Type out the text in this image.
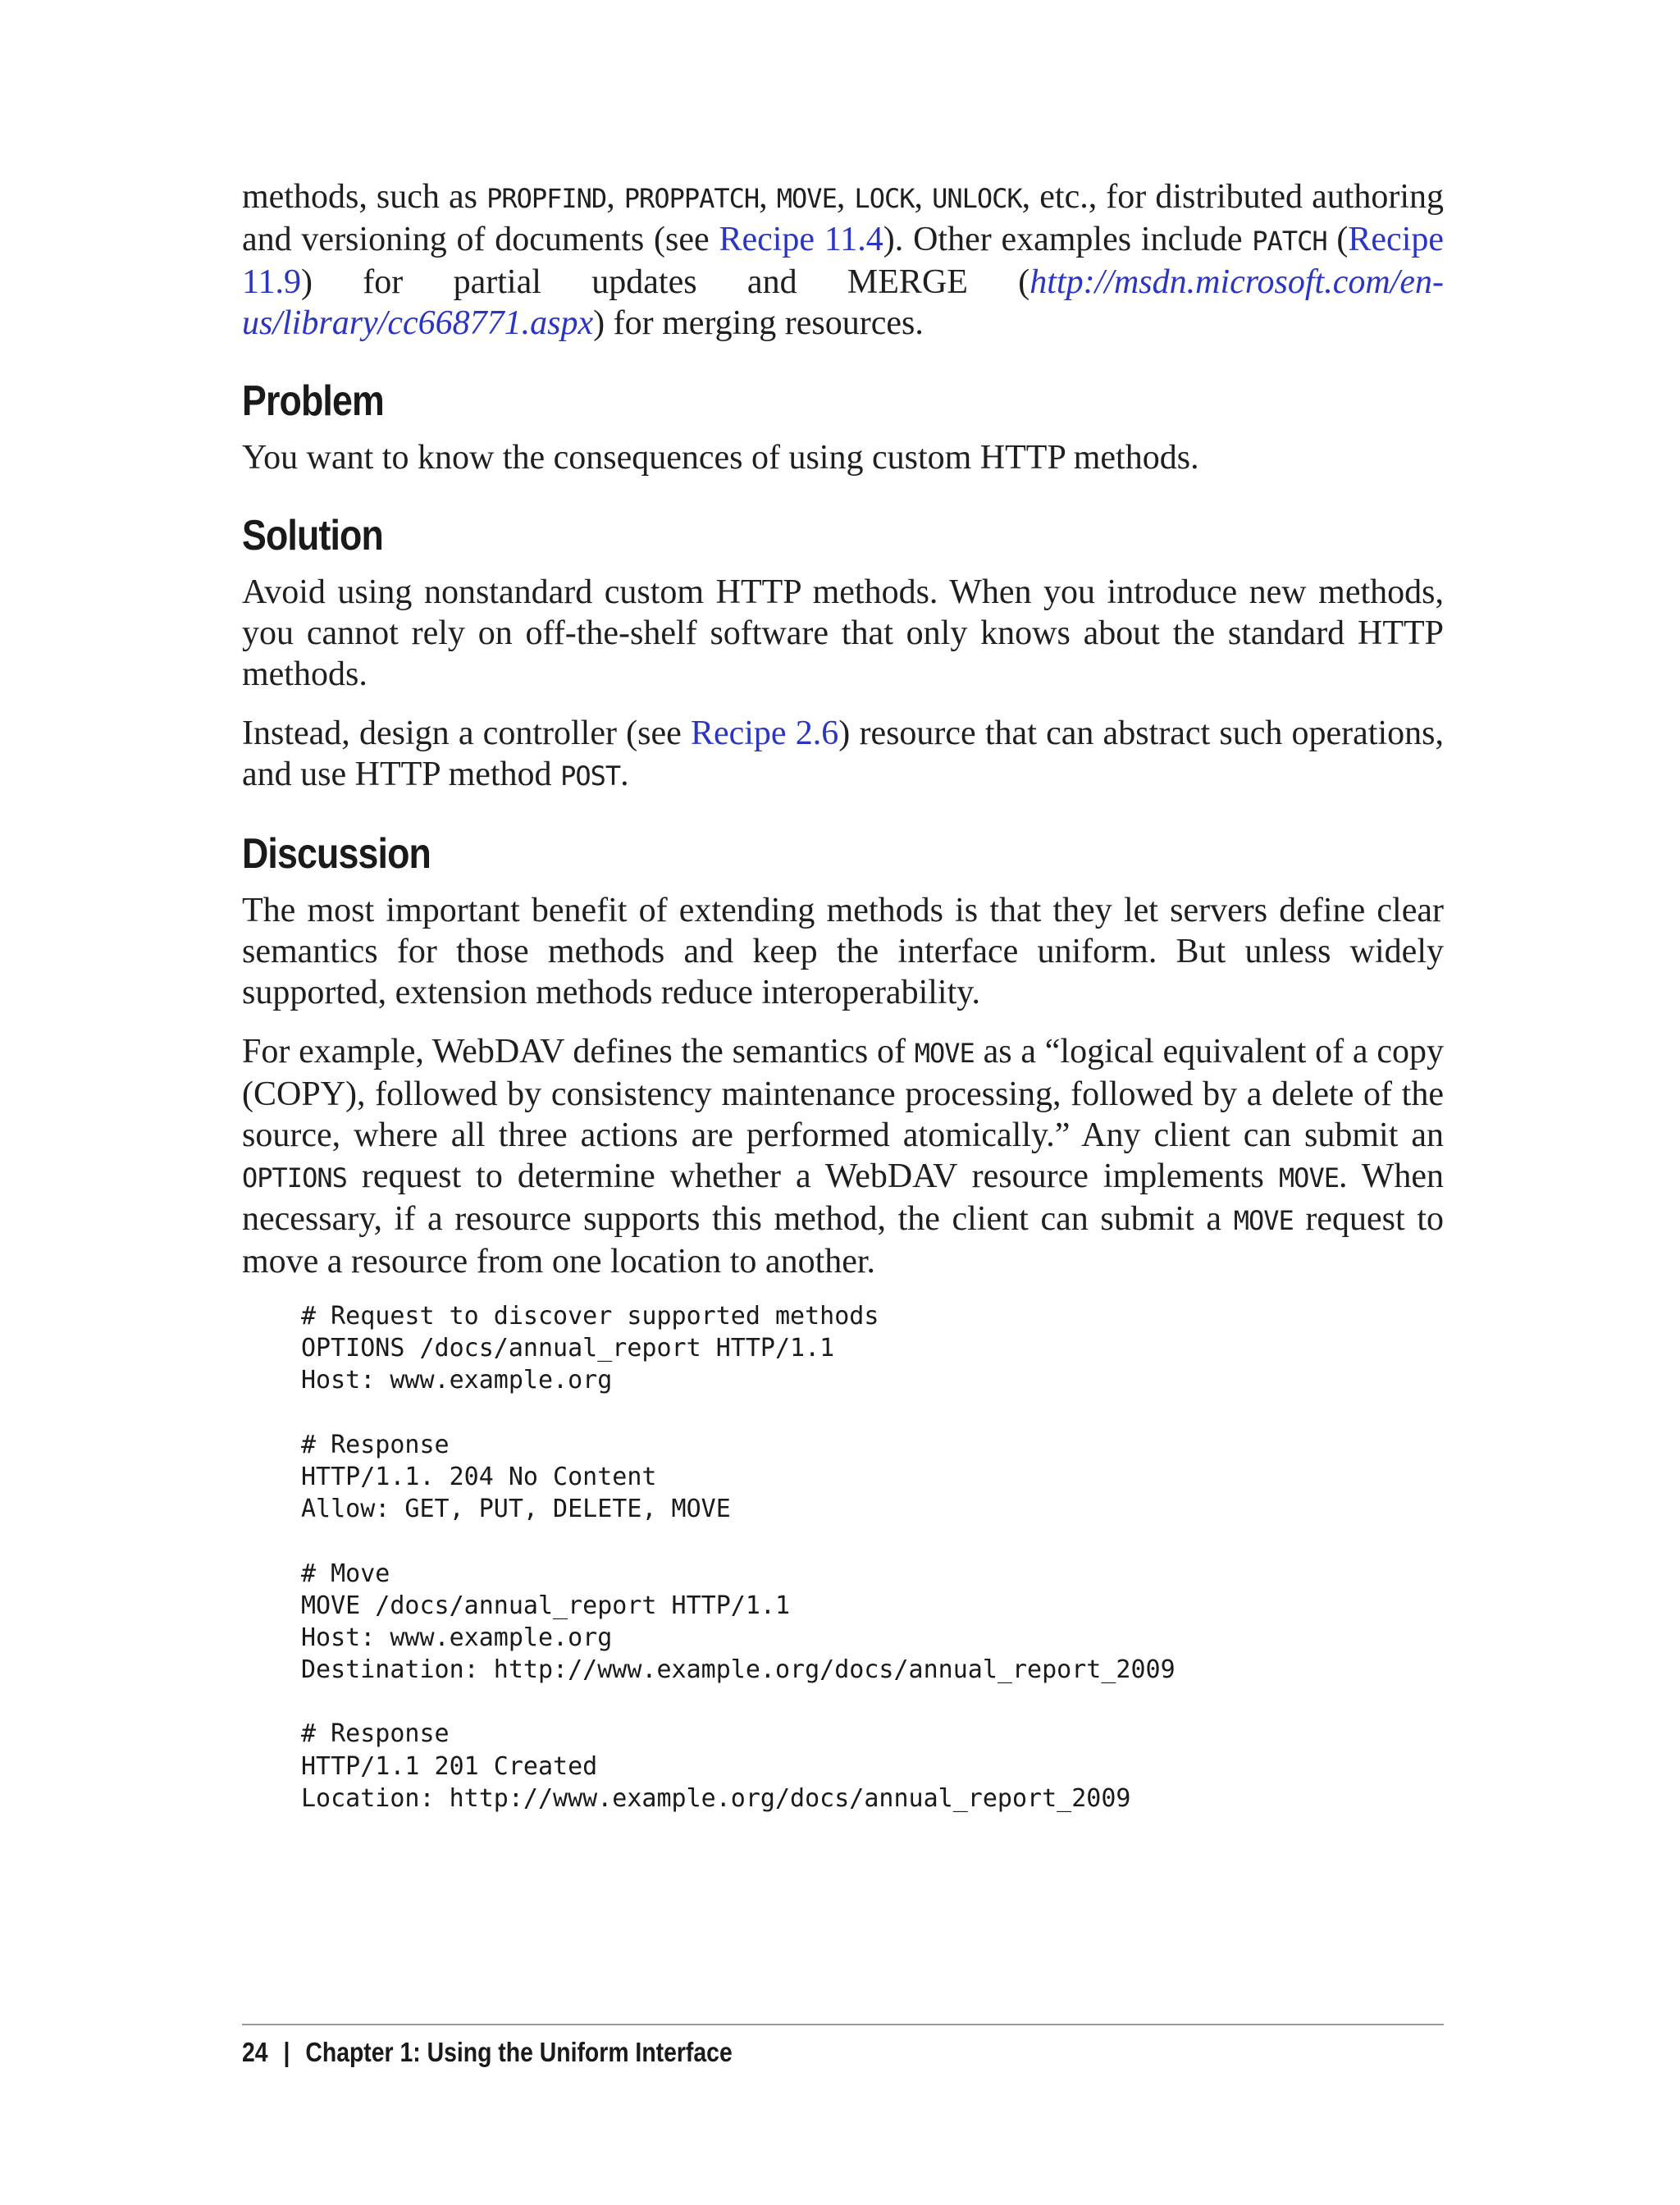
methods, such as PROPFIND, PROPPATCH, MOVE, LOCK, UNLOCK, etc., for distributed authoring and versioning of documents (see Recipe 11.4). Other examples include PATCH (Recipe 11.9) for partial updates and MERGE (http://msdn.microsoft.com/en-us/library/cc668771.aspx) for merging resources.

Problem

You want to know the consequences of using custom HTTP methods.

Solution

Avoid using nonstandard custom HTTP methods. When you introduce new methods, you cannot rely on off-the-shelf software that only knows about the standard HTTP methods.

Instead, design a controller (see Recipe 2.6) resource that can abstract such operations, and use HTTP method POST.

Discussion

The most important benefit of extending methods is that they let servers define clear semantics for those methods and keep the interface uniform. But unless widely supported, extension methods reduce interoperability.

For example, WebDAV defines the semantics of MOVE as a “logical equivalent of a copy (COPY), followed by consistency maintenance processing, followed by a delete of the source, where all three actions are performed atomically.” Any client can submit an OPTIONS request to determine whether a WebDAV resource implements MOVE. When necessary, if a resource supports this method, the client can submit a MOVE request to move a resource from one location to another.

# Request to discover supported methods
OPTIONS /docs/annual_report HTTP/1.1
Host: www.example.org
# Response
HTTP/1.1. 204 No Content
Allow: GET, PUT, DELETE, MOVE
# Move
MOVE /docs/annual_report HTTP/1.1
Host: www.example.org
Destination: http://www.example.org/docs/annual_report_2009
# Response
HTTP/1.1 201 Created
Location: http://www.example.org/docs/annual_report_2009
24 | Chapter 1: Using the Uniform Interface
